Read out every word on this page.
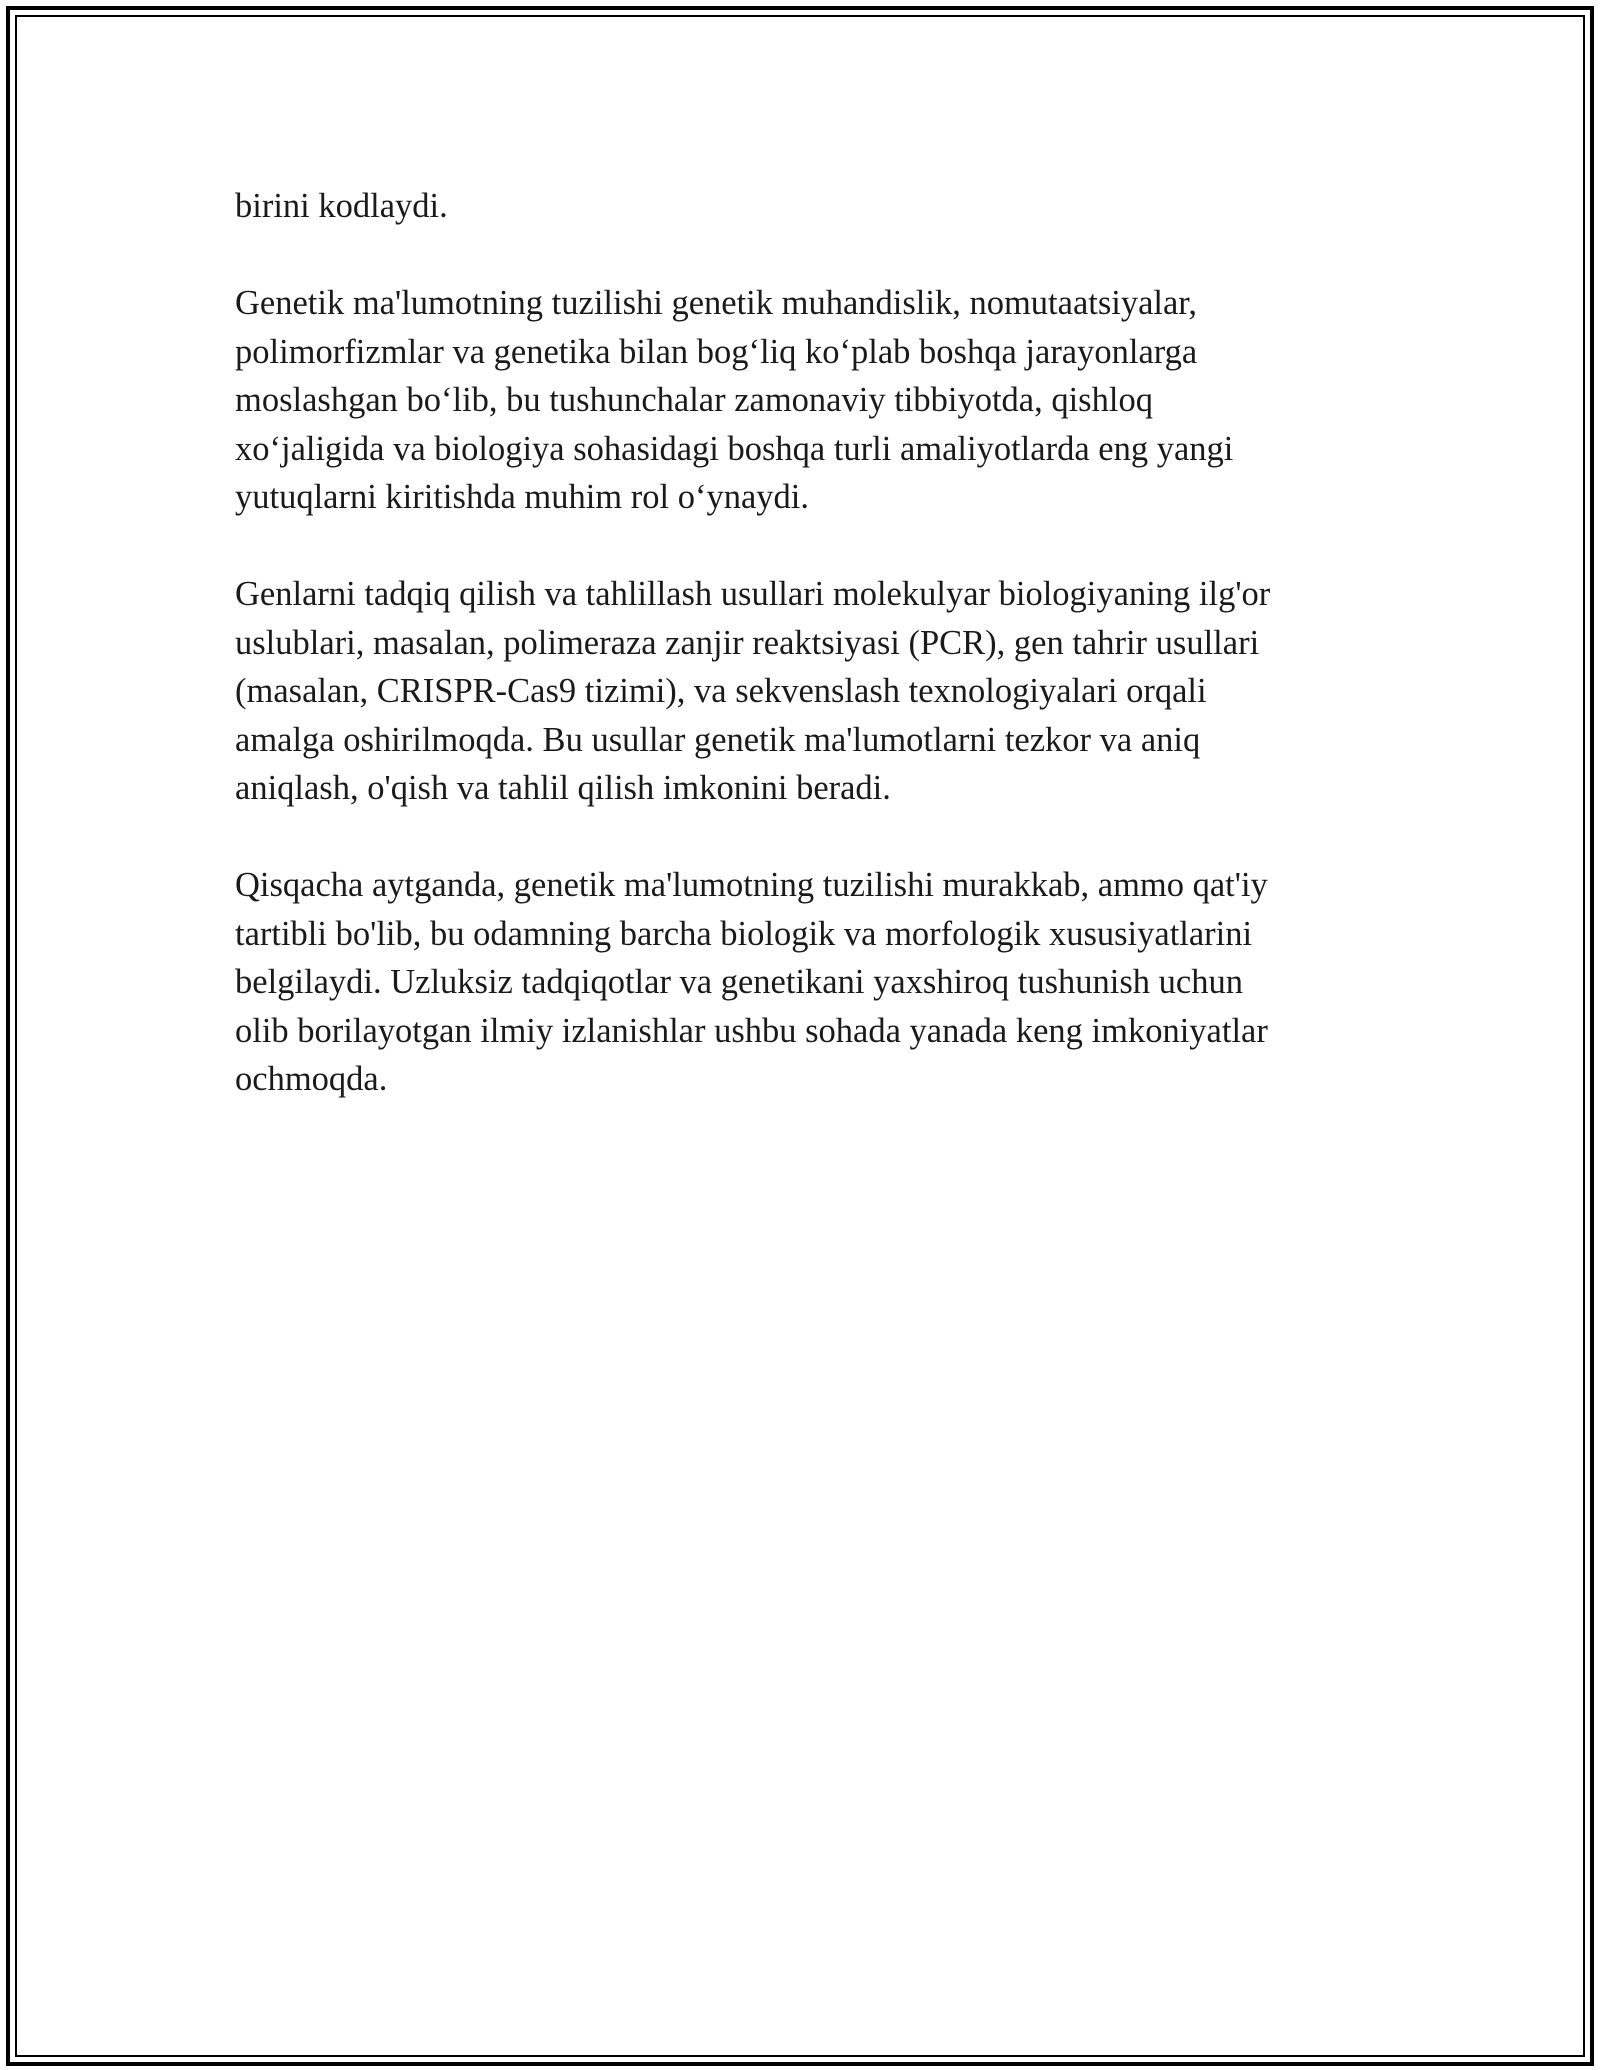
birini kodlaydi.

Genetik ma'lumotning tuzilishi genetik muhandislik, nomutaatsiyalar,
polimorfizmlar va genetika bilan bog‘liq ko‘plab boshqa jarayonlarga
moslashgan bo‘lib, bu tushunchalar zamonaviy tibbiyotda, qishloq
xo‘jaligida va biologiya sohasidagi boshqa turli amaliyotlarda eng yangi
yutuqlarni kiritishda muhim rol o‘ynaydi.

Genlarni tadqiq qilish va tahlillash usullari molekulyar biologiyaning ilg'or
uslublari, masalan, polimeraza zanjir reaktsiyasi (PCR), gen tahrir usullari
(masalan, CRISPR-Cas9 tizimi), va sekvenslash texnologiyalari orqali
amalga oshirilmoqda. Bu usullar genetik ma'lumotlarni tezkor va aniq
aniqlash, o'qish va tahlil qilish imkonini beradi.

Qisqacha aytganda, genetik ma'lumotning tuzilishi murakkab, ammo qat'iy
tartibli bo'lib, bu odamning barcha biologik va morfologik xususiyatlarini
belgilaydi. Uzluksiz tadqiqotlar va genetikani yaxshiroq tushunish uchun
olib borilayotgan ilmiy izlanishlar ushbu sohada yanada keng imkoniyatlar
ochmoqda.
